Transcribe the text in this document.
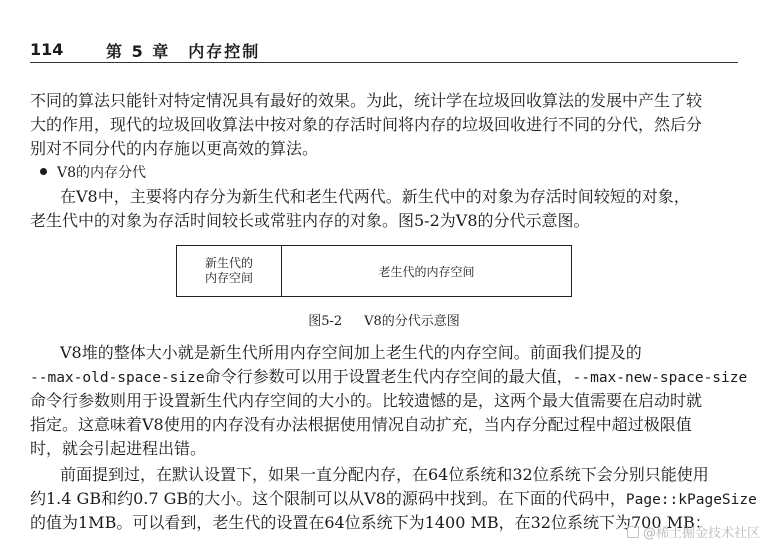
114	第 5 章　内存控制
不同的算法只能针对特定情况具有最好的效果。为此，统计学在垃圾回收算法的发展中产生了较
大的作用，现代的垃圾回收算法中按对象的存活时间将内存的垃圾回收进行不同的分代，然后分
别对不同分代的内存施以更高效的算法。
V8的内存分代
在V8中，主要将内存分为新生代和老生代两代。新生代中的对象为存活时间较短的对象，
老生代中的对象为存活时间较长或常驻内存的对象。图5-2为V8的分代示意图。
新生代的
内存空间	老生代的内存空间
图5-2 V8的分代示意图
V8堆的整体大小就是新生代所用内存空间加上老生代的内存空间。前面我们提及的
--max-old-space-size命令行参数可以用于设置老生代内存空间的最大值，--max-new-space-size
命令行参数则用于设置新生代内存空间的大小的。比较遗憾的是，这两个最大值需要在启动时就
指定。这意味着V8使用的内存没有办法根据使用情况自动扩充，当内存分配过程中超过极限值
时，就会引起进程出错。
前面提到过，在默认设置下，如果一直分配内存，在64位系统和32位系统下会分别只能使用
约1.4 GB和约0.7 GB的大小。这个限制可以从V8的源码中找到。在下面的代码中，Page::kPageSize
的值为1MB。可以看到，老生代的设置在64位系统下为1400 MB，在32位系统下为700 MB：
@稀土掘金技术社区
